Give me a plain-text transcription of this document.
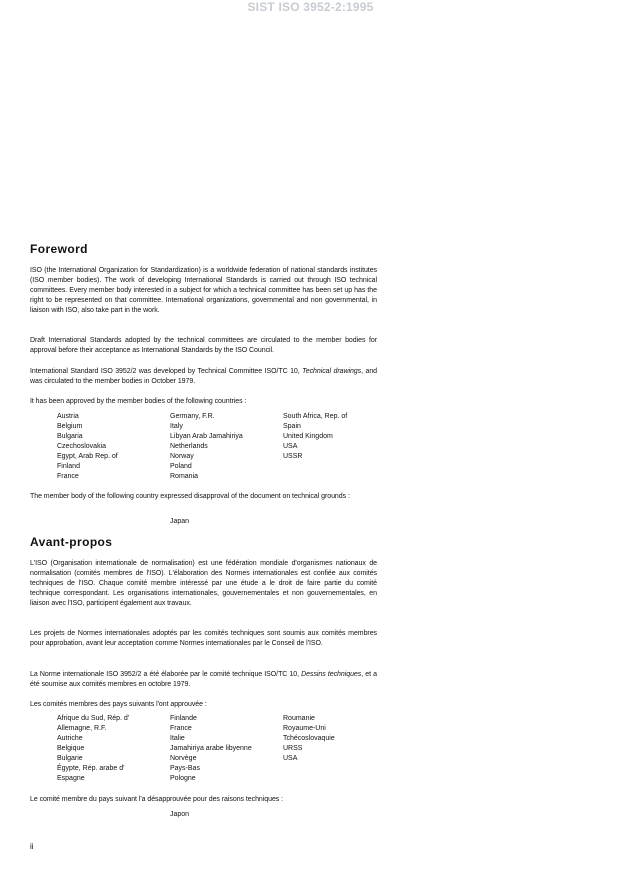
SIST ISO 3952-2:1995
Foreword

ISO (the International Organization for Standardization) is a worldwide federation of national standards institutes (ISO member bodies). The work of developing International Standards is carried out through ISO technical committees. Every member body interested in a subject for which a technical committee has been set up has the right to be represented on that committee. International organizations, governmental and non governmental, in liaison with ISO, also take part in the work.

Draft International Standards adopted by the technical committees are circulated to the member bodies for approval before their acceptance as International Standards by the ISO Council.

International Standard ISO 3952/2 was developed by Technical Committee ISO/TC 10, Technical drawings, and was circulated to the member bodies in October 1979.

It has been approved by the member bodies of the following countries :

Austria
Belgium
Bulgaria
Czechoslovakia
Egypt, Arab Rep. of
Finland
France
Germany, F.R.
Italy
Libyan Arab Jamahiriya
Netherlands
Norway
Poland
Romania
South Africa, Rep. of
Spain
United Kingdom
USA
USSR

The member body of the following country expressed disapproval of the document on technical grounds :

Japan
Avant-propos

L'ISO (Organisation internationale de normalisation) est une fédération mondiale d'organismes nationaux de normalisation (comités membres de l'ISO). L'élaboration des Normes internationales est confiée aux comités techniques de l'ISO. Chaque comité membre intéressé par une étude a le droit de faire partie du comité technique correspondant. Les organisations internationales, gouvernementales et non gouvernementales, en liaison avec l'ISO, participent également aux travaux.

Les projets de Normes internationales adoptés par les comités techniques sont soumis aux comités membres pour approbation, avant leur acceptation comme Normes internationales par le Conseil de l'ISO.

La Norme internationale ISO 3952/2 a été élaborée par le comité technique ISO/TC 10, Dessins techniques, et a été soumise aux comités membres en octobre 1979.

Les comités membres des pays suivants l'ont approuvée :

Afrique du Sud, Rép. d'
Allemagne, R.F.
Autriche
Belgique
Bulgarie
Égypte, Rép. arabe d'
Espagne
Finlande
France
Italie
Jamahiriya arabe libyenne
Norvège
Pays-Bas
Pologne
Roumanie
Royaume-Uni
Tchécoslovaquie
URSS
USA

Le comité membre du pays suivant l'a désapprouvée pour des raisons techniques :

Japon
ii
